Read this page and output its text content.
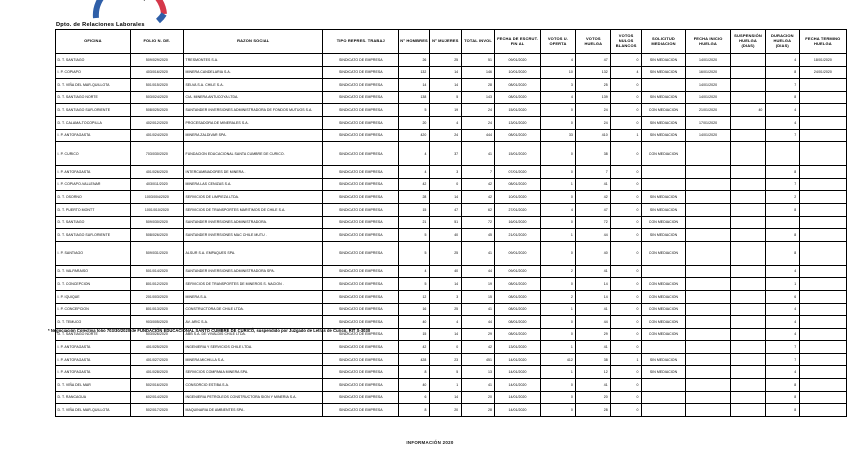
Dpto. de Relaciones Laborales
OFICINA	FOLIO N. DE.	RAZON SOCIAL	TIPO REPRES. TRABAJ	N° HOMBRES	N° MUJERES	TOTAL INVOL	FECHA DE ESCRUT. FIN AL	VOTOS U. OFERTA	VOTOS HUELGA	VOTOS NULOS BLANCOS	SOLICITUD MEDIACION	FECHA INICIO HUELGA	SUSPENSIÓN HUELGA (DIAS)	DURACION HUELGA (DIAS)	FECHA TERMINO HUELGA
D. T. SANTIAGO	509/029/2020	TRESMONTES S.A.	SINDICATO DE EMPRESA	26	25	51	09/01/2020	4	47	0	SIN MEDIACION	14/01/2020		4	18/01/2020
I. P. COPIAPO	403/016/2020	MINERA CANDELARIA S.A.	SINDICATO DE EMPRESA	132	14	146	10/01/2020	10	132	4	SIN MEDIACION	16/01/2020		8	24/01/2020
D. T. VIÑA DEL MAR-QUILLOTA	501/015/2020	SELVA S.A. CHILE S.A.	SINDICATO DE EMPRESA	14	14	28	08/01/2020	3	25	0		14/01/2020		7	
D. T. SANTIAGO NORTE	503/024/2020	CIA. MINERA ANTUCOYA LTDA.	SINDICATO DE EMPRESA	138	5	143	08/01/2020	4	139	0	SIN MEDIACION	14/01/2020		8	
D. T. SANTIAGO SUR-ORIENTE	508/025/2020	SANTANDER INVERSIONES ADMINISTRADORA DE FONDOS MUTUOS S.A.	SINDICATO DE EMPRESA	5	19	24	15/01/2020	0	24	0	CON MEDIACION	21/01/2020	40	4	
D. T. CALAMA-TOCOPILLA	402/012/2020	PROCESADORA DE MINERALES S.A.	SINDICATO DE EMPRESA	20	4	24	13/01/2020	0	24	0	SIN MEDIACION	17/01/2020		4	
I. P. ANTOFAGASTA	401/024/2020	MINERA ZALDIVAR SPA.	SINDICATO DE EMPRESA	420	24	444	08/01/2020	33	410	1	SIN MEDIACION	14/01/2020		7	
I. P. CURICO	703/030/2020	FUNDACION EDUCACIONAL SANTA CUMBRE DE CURICO.	SINDICATO DE EMPRESA	4	37	41	15/01/2020	0	38	0	CON MEDIACION				
I. P. ANTOFAGASTA	401/026/2020	INTERCAMBIADORES DE MINERA .	SINDICATO DE EMPRESA	4	3	7	07/01/2020	0	7	0				8	
I. P. COPIAPO-VALLENAR	403/011/2020	MINERA LAS CENIZAS S.A.	SINDICATO DE EMPRESA	42	0	42	08/01/2020	1	41	0				7	
D. T. OSORNO	1003/004/2020	SERVICIOS DE LIMPIEZA LTDA.	SINDICATO DE EMPRESA	28	14	42	10/01/2020	0	42	0	SIN MEDIACION			2	
D. T. PUERTO MONTT	1001/010/2020	SERVICIOS DE TRANSPORTES MARITIMOS DE CHILE S.A.	SINDICATO DE EMPRESA	15	47	62	27/01/2020	4	47	0	SIN MEDIACION			8	
D. T. SANTIAGO	509/030/2020	SANTANDER INVERSIONES ADMINISTRADORA.	SINDICATO DE EMPRESA	21	51	72	16/01/2020	0	72	0	CON MEDIACION				
D. T. SANTIAGO SUR-ORIENTE	508/026/2020	SANTANDER INVERSIONES MAC CHILE MUTU .	SINDICATO DE EMPRESA	5	40	45	21/01/2020	1	44	0	SIN MEDIACION			8	
I. P. SANTIAGO	509/031/2020	ALSUR S.A. EMPAQUES SPA.	SINDICATO DE EMPRESA	5	25	41	09/01/2020	0	40	0	CON MEDIACION			8	
D. T. VALPARAISO	501/014/2020	SANTANDER INVERSIONES ADMINISTRADORA SPA.	SINDICATO DE EMPRESA	4	40	44	09/01/2020	2	41	0				4	
D. T. CONCEPCION	801/012/2020	SERVICIOS DE TRANSPORTES DE MINEROS S. NACION .	SINDICATO DE EMPRESA	5	14	19	08/01/2020	0	14	0	CON MEDIACION			1	
I. P. IQUIQUE	201/003/2020	MINERA S.A.	SINDICATO DE EMPRESA	12	3	15	08/01/2020	2	14	0	CON MEDIACION			6	
I. P. CONCEPCION	801/013/2020	CONSTRUCTORA DE CHILE LTDA.	SINDICATO DE EMPRESA	16	25	41	08/01/2020	1	41	0	CON MEDIACION			4	
D. T. TEMUCO	903/005/2020	AV. ARIC S.A.	SINDICATO DE EMPRESA	40	4	44	08/01/2020	0	44	0	CON MEDIACION			4	
D. T. SANTIAGO NORTE	503/026/2020	ABB S.A. DE VIVALDIS CHILE LTDA.	SINDICATO DE EMPRESA	15	14	29	08/01/2020	0	29	0	CON MEDIACION			4	
I. P. ANTOFAGASTA	401/025/2020	INGENIERIA Y SERVICIOS CHILE LTDA.	SINDICATO DE EMPRESA	42	0	42	13/01/2020	1	41	0				7	
I. P. ANTOFAGASTA	401/027/2020	MINERA MICHILLA S.A.	SINDICATO DE EMPRESA	428	23	451	14/01/2020	412	38	1	SIN MEDIACION			7	
I. P. ANTOFAGASTA	401/028/2020	SERVICIOS COMPANIA MINERA SPA.	SINDICATO DE EMPRESA	8	5	13	14/01/2020	1	12	0	SIN MEDIACION			4	
D. T. VIÑA DEL MAR	502/016/2020	CONSORCIO ESTIBA S.A.	SINDICATO DE EMPRESA	40	1	41	14/01/2020	0	41	0				8	
D. T. RANCAGUA	602/014/2020	INGENIERIA PETROLEOS CONSTRUCTORA SION Y MINERIA S.A.	SINDICATO DE EMPRESA	6	14	20	14/01/2020	0	20	0				8	
D. T. VIÑA DEL MAR-QUILLOTA	502/017/2020	MAQUINARIA DE AMBIENTES SPA .	SINDICATO DE EMPRESA	8	20	28	14/01/2020	0	28	0				8	
* Negociación Colectiva folio 703/30/2020 de FUNDACIÓN EDUCACIONAL SANTO CUMBRE DE CURICÓ, suspendido por Juzgado de Letras de Curicó, RIT S-3030
INFORMACIÓN 2020
